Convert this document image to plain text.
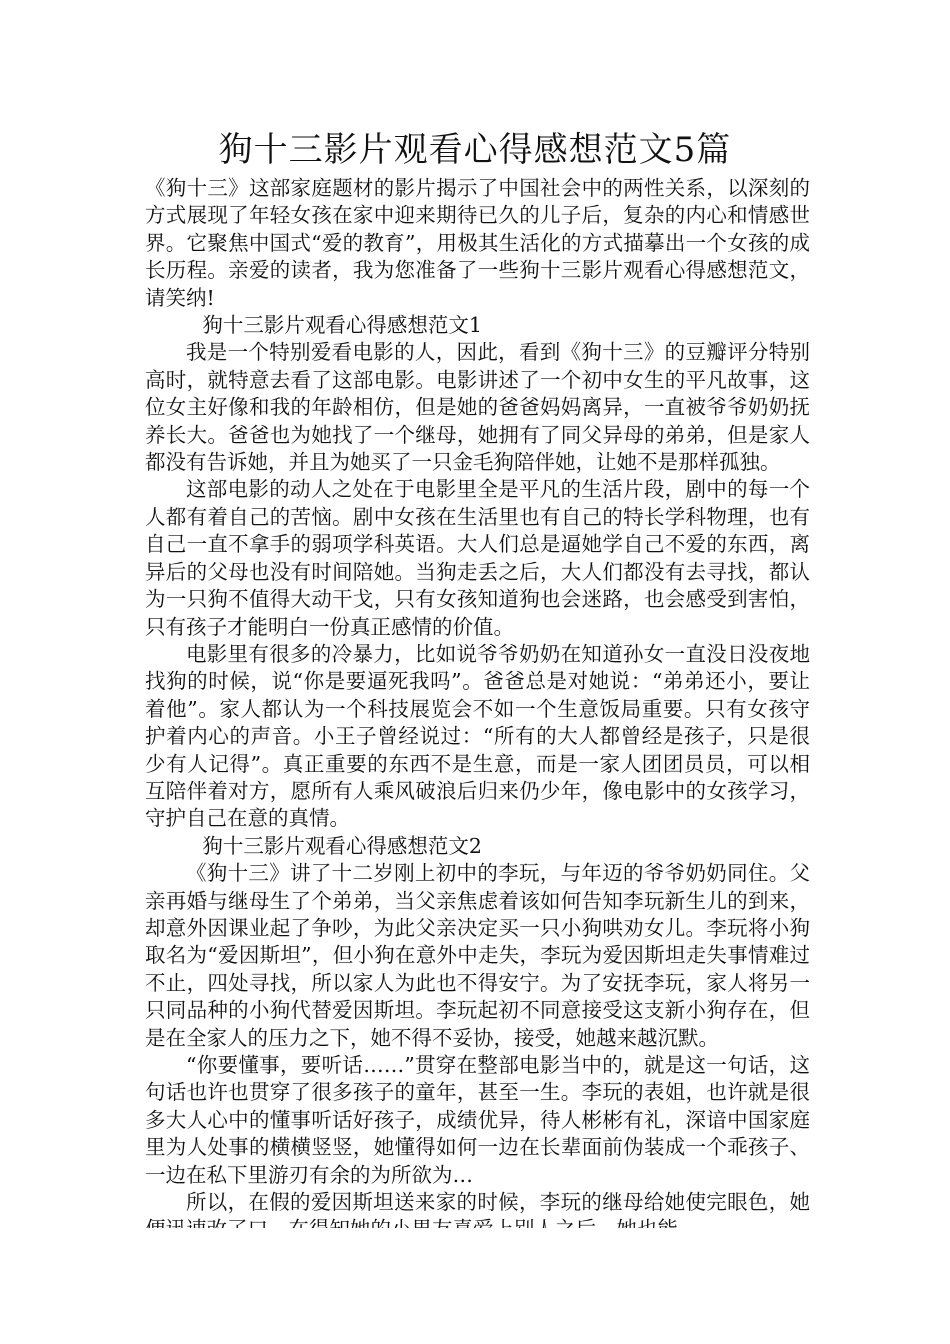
狗十三影片观看心得感想范文5篇

《狗十三》这部家庭题材的影片揭示了中国社会中的两性关系，以深刻的方式展现了年轻女孩在家中迎来期待已久的儿子后，复杂的内心和情感世界。它聚焦中国式“爱的教育”，用极其生活化的方式描摹出一个女孩的成长历程。亲爱的读者，我为您准备了一些狗十三影片观看心得感想范文，请笑纳!

狗十三影片观看心得感想范文1

我是一个特别爱看电影的人，因此，看到《狗十三》的豆瓣评分特别高时，就特意去看了这部电影。电影讲述了一个初中女生的平凡故事，这位女主好像和我的年龄相仿，但是她的爸爸妈妈离异，一直被爷爷奶奶抚养长大。爸爸也为她找了一个继母，她拥有了同父异母的弟弟，但是家人都没有告诉她，并且为她买了一只金毛狗陪伴她，让她不是那样孤独。

这部电影的动人之处在于电影里全是平凡的生活片段，剧中的每一个人都有着自己的苦恼。剧中女孩在生活里也有自己的特长学科物理，也有自己一直不拿手的弱项学科英语。大人们总是逼她学自己不爱的东西，离异后的父母也没有时间陪她。当狗走丢之后，大人们都没有去寻找，都认为一只狗不值得大动干戈，只有女孩知道狗也会迷路，也会感受到害怕，只有孩子才能明白一份真正感情的价值。

电影里有很多的冷暴力，比如说爷爷奶奶在知道孙女一直没日没夜地找狗的时候，说“你是要逼死我吗”。爸爸总是对她说：“弟弟还小，要让着他”。家人都认为一个科技展览会不如一个生意饭局重要。只有女孩守护着内心的声音。小王子曾经说过：“所有的大人都曾经是孩子，只是很少有人记得”。真正重要的东西不是生意，而是一家人团团员员，可以相互陪伴着对方，愿所有人乘风破浪后归来仍少年，像电影中的女孩学习，守护自己在意的真情。

狗十三影片观看心得感想范文2

《狗十三》讲了十二岁刚上初中的李玩，与年迈的爷爷奶奶同住。父亲再婚与继母生了个弟弟，当父亲焦虑着该如何告知李玩新生儿的到来，却意外因课业起了争吵，为此父亲决定买一只小狗哄劝女儿。李玩将小狗取名为“爱因斯坦”，但小狗在意外中走失，李玩为爱因斯坦走失事情难过不止，四处寻找，所以家人为此也不得安宁。为了安抚李玩，家人将另一只同品种的小狗代替爱因斯坦。李玩起初不同意接受这支新小狗存在，但是在全家人的压力之下，她不得不妥协，接受，她越来越沉默。

“你要懂事，要听话……”贯穿在整部电影当中的，就是这一句话，这句话也许也贯穿了很多孩子的童年，甚至一生。李玩的表姐，也许就是很多大人心中的懂事听话好孩子，成绩优异，待人彬彬有礼，深谙中国家庭里为人处事的横横竖竖，她懂得如何一边在长辈面前伪装成一个乖孩子、一边在私下里游刃有余的为所欲为…

所以，在假的爱因斯坦送来家的时候，李玩的继母给她使完眼色，她
